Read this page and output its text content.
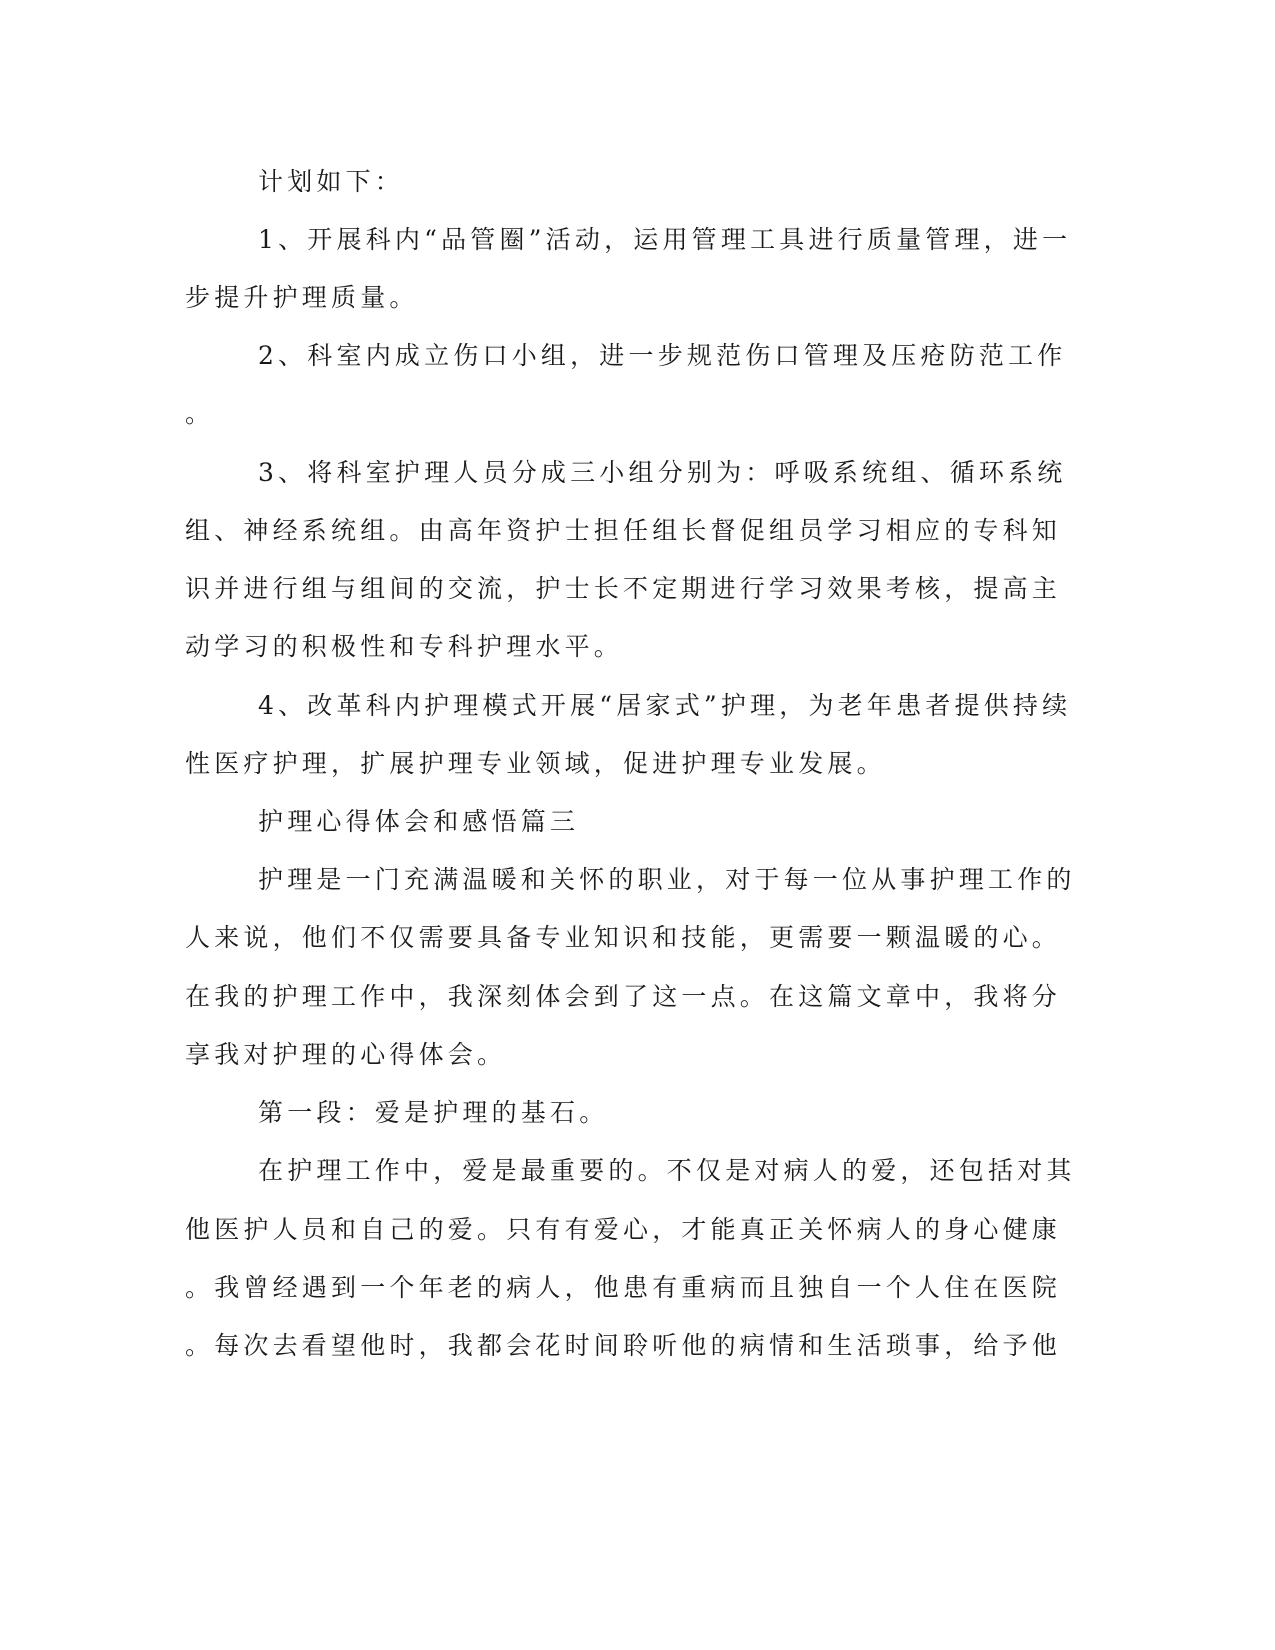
计划如下：
1、开展科内“品管圈”活动，运用管理工具进行质量管理，进一
步提升护理质量。
2、科室内成立伤口小组，进一步规范伤口管理及压疮防范工作
。
3、将科室护理人员分成三小组分别为：呼吸系统组、循环系统
组、神经系统组。由高年资护士担任组长督促组员学习相应的专科知
识并进行组与组间的交流，护士长不定期进行学习效果考核，提高主
动学习的积极性和专科护理水平。
4、改革科内护理模式开展“居家式”护理，为老年患者提供持续
性医疗护理，扩展护理专业领域，促进护理专业发展。
护理心得体会和感悟篇三
护理是一门充满温暖和关怀的职业，对于每一位从事护理工作的
人来说，他们不仅需要具备专业知识和技能，更需要一颗温暖的心。
在我的护理工作中，我深刻体会到了这一点。在这篇文章中，我将分
享我对护理的心得体会。
第一段：爱是护理的基石。
在护理工作中，爱是最重要的。不仅是对病人的爱，还包括对其
他医护人员和自己的爱。只有有爱心，才能真正关怀病人的身心健康
。我曾经遇到一个年老的病人，他患有重病而且独自一个人住在医院
。每次去看望他时，我都会花时间聆听他的病情和生活琐事，给予他
